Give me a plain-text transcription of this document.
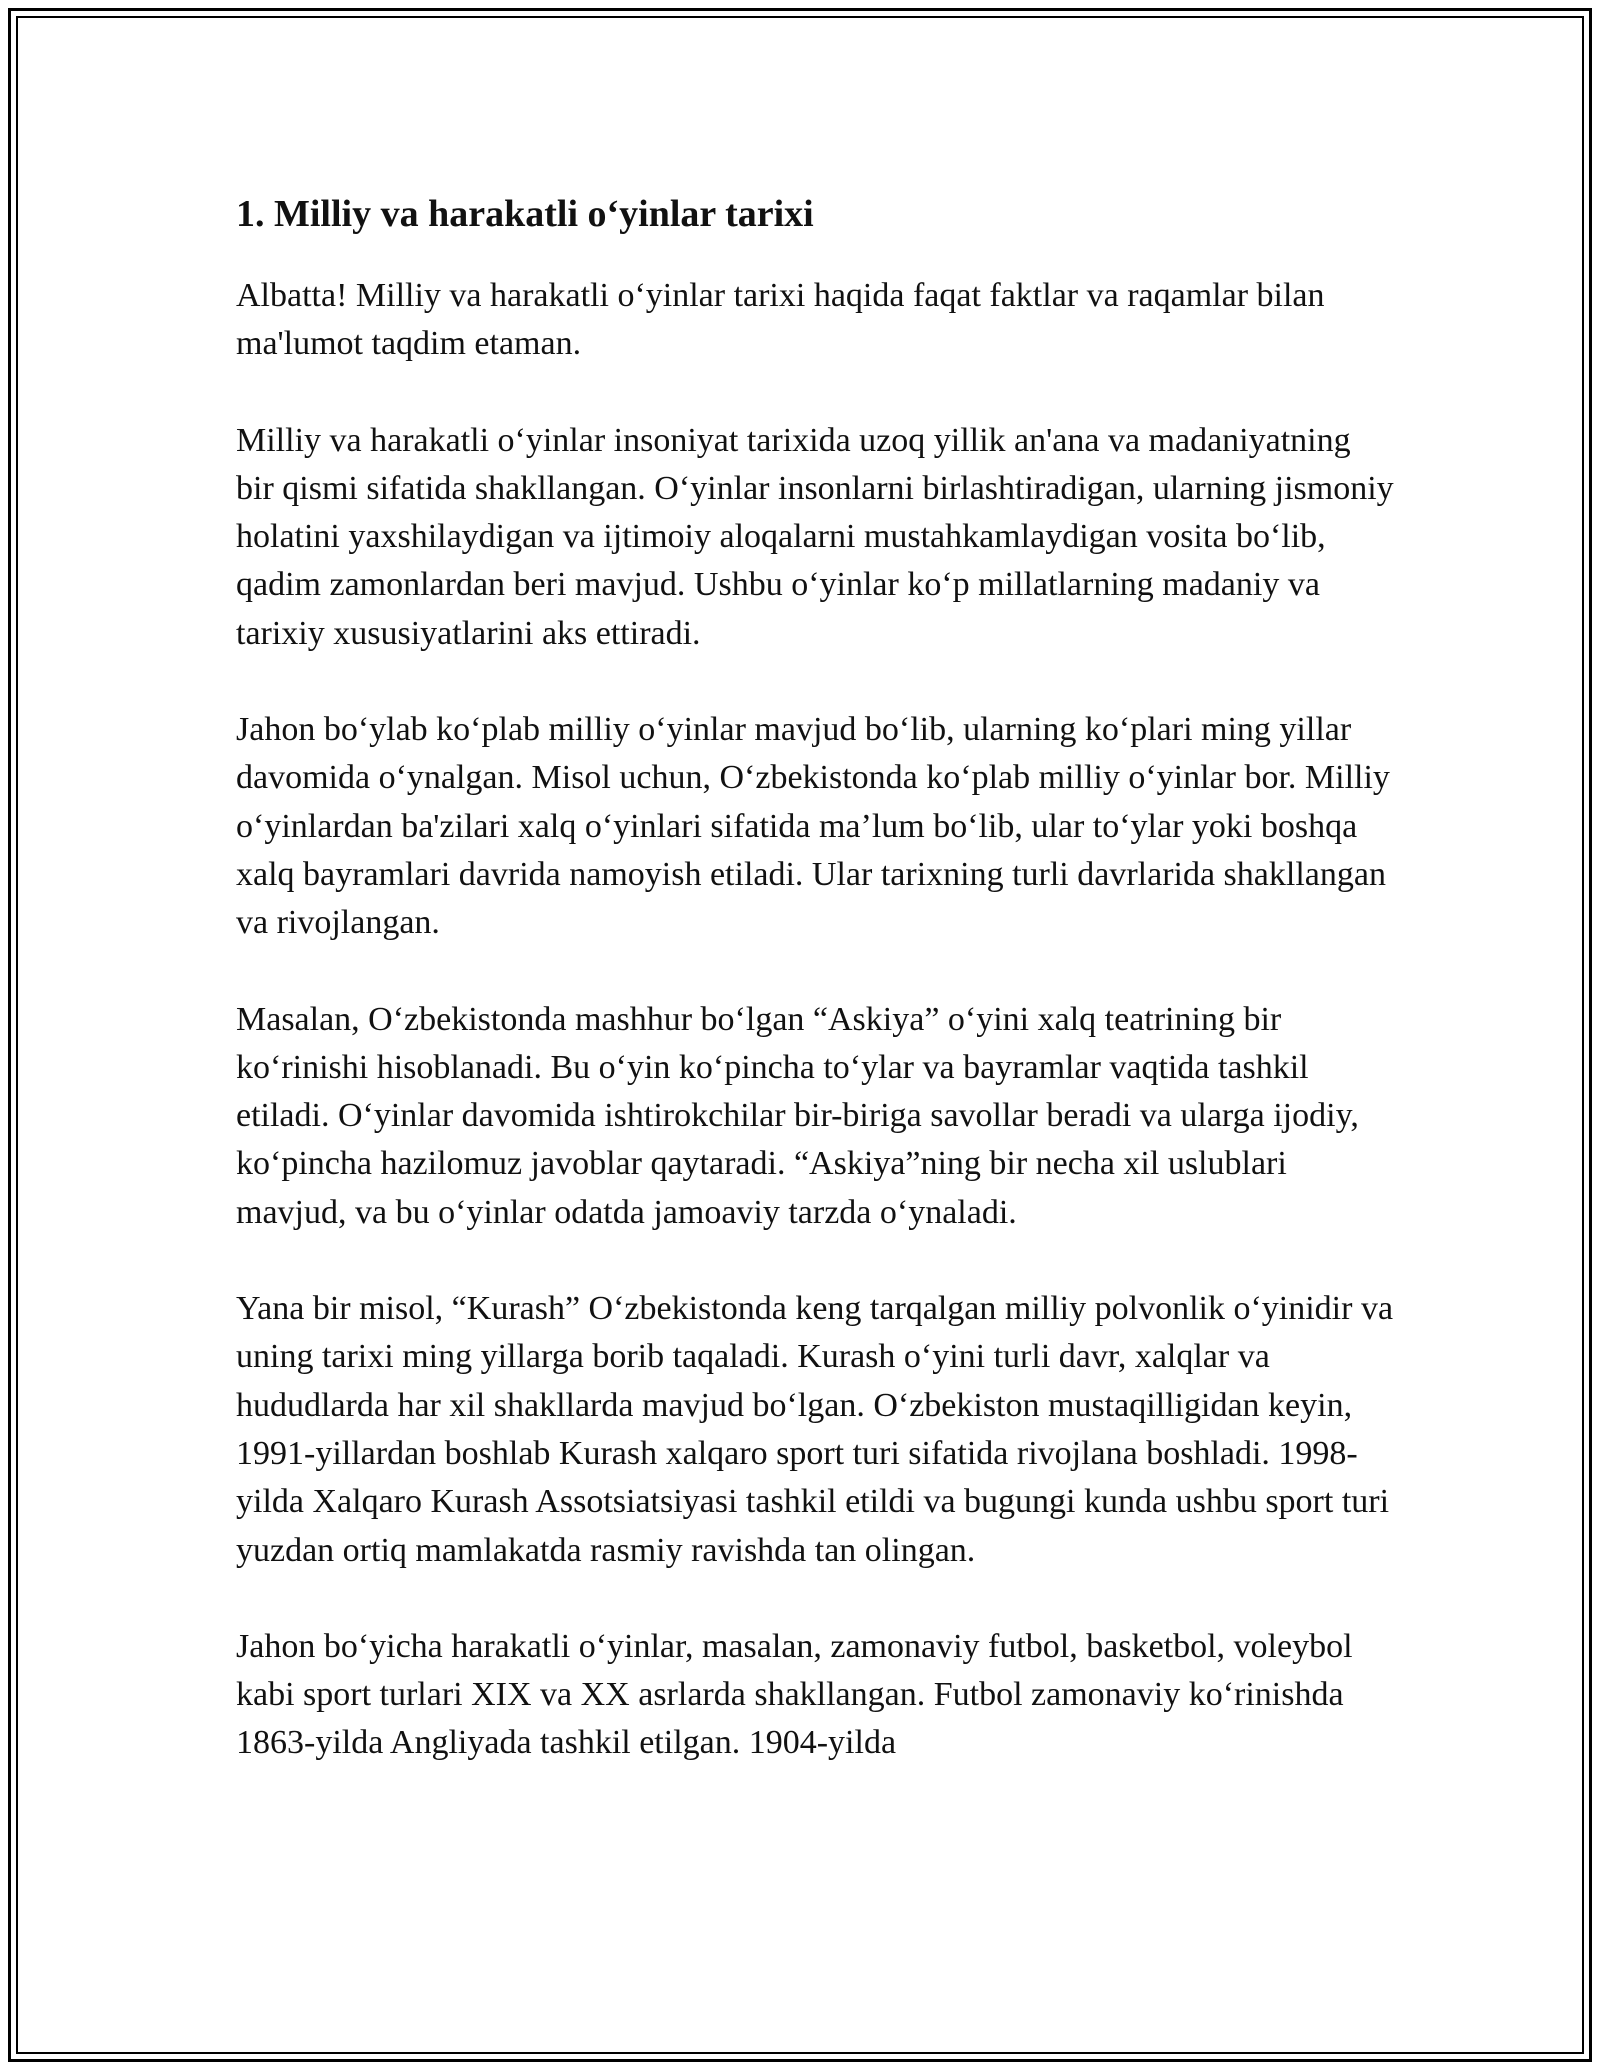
1. Milliy va harakatli o‘yinlar tarixi

Albatta! Milliy va harakatli o‘yinlar tarixi haqida faqat faktlar va raqamlar bilan ma'lumot taqdim etaman.

Milliy va harakatli o‘yinlar insoniyat tarixida uzoq yillik an'ana va madaniyatning bir qismi sifatida shakllangan. O‘yinlar insonlarni birlashtiradigan, ularning jismoniy holatini yaxshilaydigan va ijtimoiy aloqalarni mustahkamlaydigan vosita bo‘lib, qadim zamonlardan beri mavjud. Ushbu o‘yinlar ko‘p millatlarning madaniy va tarixiy xususiyatlarini aks ettiradi.

Jahon bo‘ylab ko‘plab milliy o‘yinlar mavjud bo‘lib, ularning ko‘plari ming yillar davomida o‘ynalgan. Misol uchun, O‘zbekistonda ko‘plab milliy o‘yinlar bor. Milliy o‘yinlardan ba'zilari xalq o‘yinlari sifatida ma’lum bo‘lib, ular to‘ylar yoki boshqa xalq bayramlari davrida namoyish etiladi. Ular tarixning turli davrlarida shakllangan va rivojlangan.

Masalan, O‘zbekistonda mashhur bo‘lgan “Askiya” o‘yini xalq teatrining bir ko‘rinishi hisoblanadi. Bu o‘yin ko‘pincha to‘ylar va bayramlar vaqtida tashkil etiladi. O‘yinlar davomida ishtirokchilar bir-biriga savollar beradi va ularga ijodiy, ko‘pincha hazilomuz javoblar qaytaradi. “Askiya”ning bir necha xil uslublari mavjud, va bu o‘yinlar odatda jamoaviy tarzda o‘ynaladi.

Yana bir misol, “Kurash” O‘zbekistonda keng tarqalgan milliy polvonlik o‘yinidir va uning tarixi ming yillarga borib taqaladi. Kurash o‘yini turli davr, xalqlar va hududlarda har xil shakllarda mavjud bo‘lgan. O‘zbekiston mustaqilligidan keyin, 1991-yillardan boshlab Kurash xalqaro sport turi sifatida rivojlana boshladi. 1998-yilda Xalqaro Kurash Assotsiatsiyasi tashkil etildi va bugungi kunda ushbu sport turi yuzdan ortiq mamlakatda rasmiy ravishda tan olingan.

Jahon bo‘yicha harakatli o‘yinlar, masalan, zamonaviy futbol, basketbol, voleybol kabi sport turlari XIX va XX asrlarda shakllangan. Futbol zamonaviy ko‘rinishda 1863-yilda Angliyada tashkil etilgan. 1904-yilda
